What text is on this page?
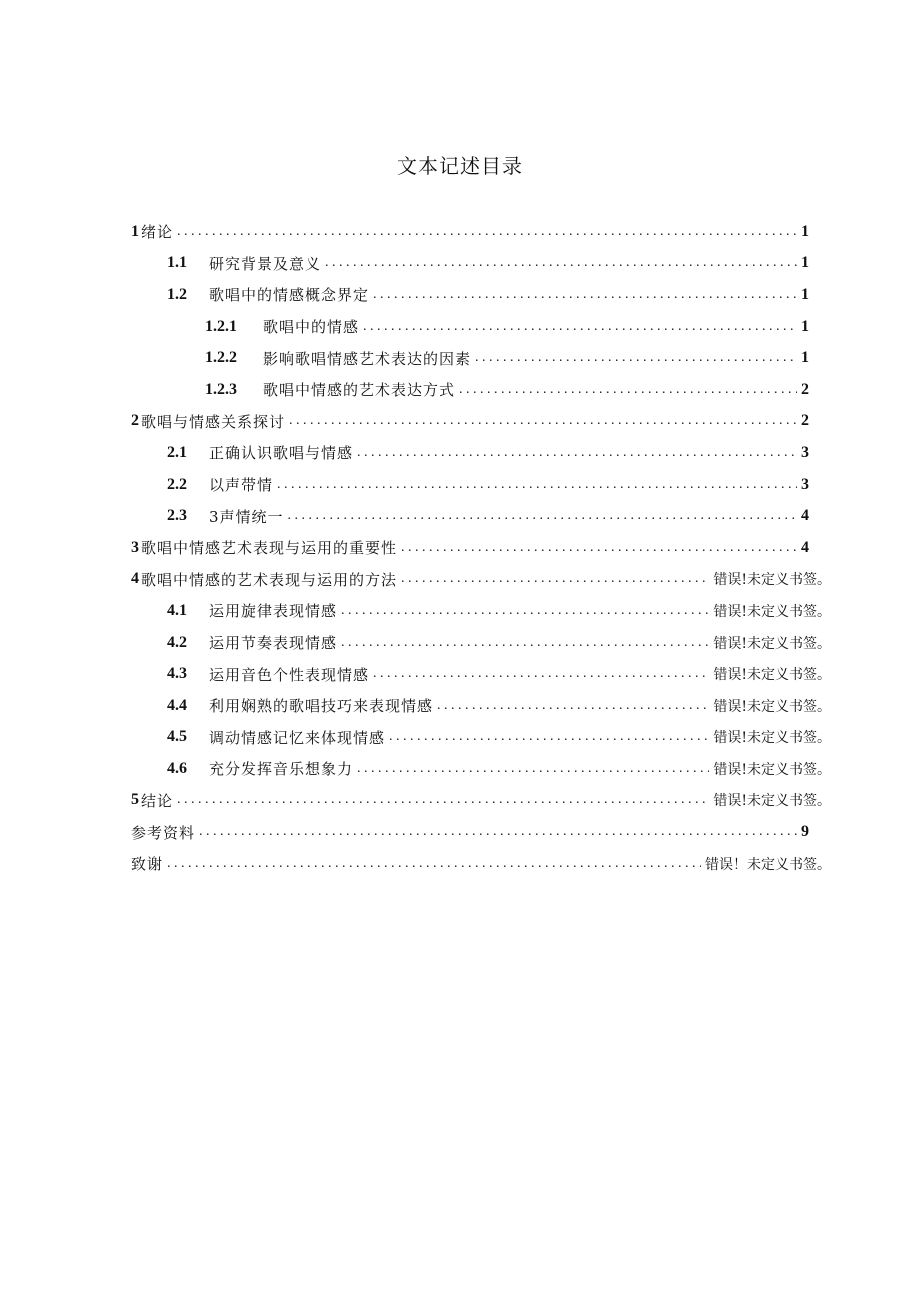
文本记述目录
1 绪论 . . .	1
1.1	研究背景及意义 . . .	1
1.2	歌唱中的情感概念界定 . . .	1
1.2.1	歌唱中的情感 . . .	1
1.2.2	影响歌唱情感艺术表达的因素 . . .	1
1.2.3	歌唱中情感的艺术表达方式 . . .	2
2 歌唱与情感关系探讨 . . .	2
2.1	正确认识歌唱与情感 . . .	3
2.2	以声带情 . . .	3
2.3	3声情统一 . . .	4
3 歌唱中情感艺术表现与运用的重要性 . . .	4
4 歌唱中情感的艺术表现与运用的方法 . . .	错误!未定义书签。
4.1	运用旋律表现情感 . . .	错误!未定义书签。
4.2	运用节奏表现情感 . . .	错误!未定义书签。
4.3	运用音色个性表现情感 . . .	错误!未定义书签。
4.4	利用娴熟的歌唱技巧来表现情感 . . .	错误!未定义书签。
4.5	调动情感记忆来体现情感 . . .	错误!未定义书签。
4.6	充分发挥音乐想象力 . . .	错误!未定义书签。
5 结论 . . .	错误!未定义书签。
参考资料 . . .	9
致谢 . . .	错误！未定义书签。
